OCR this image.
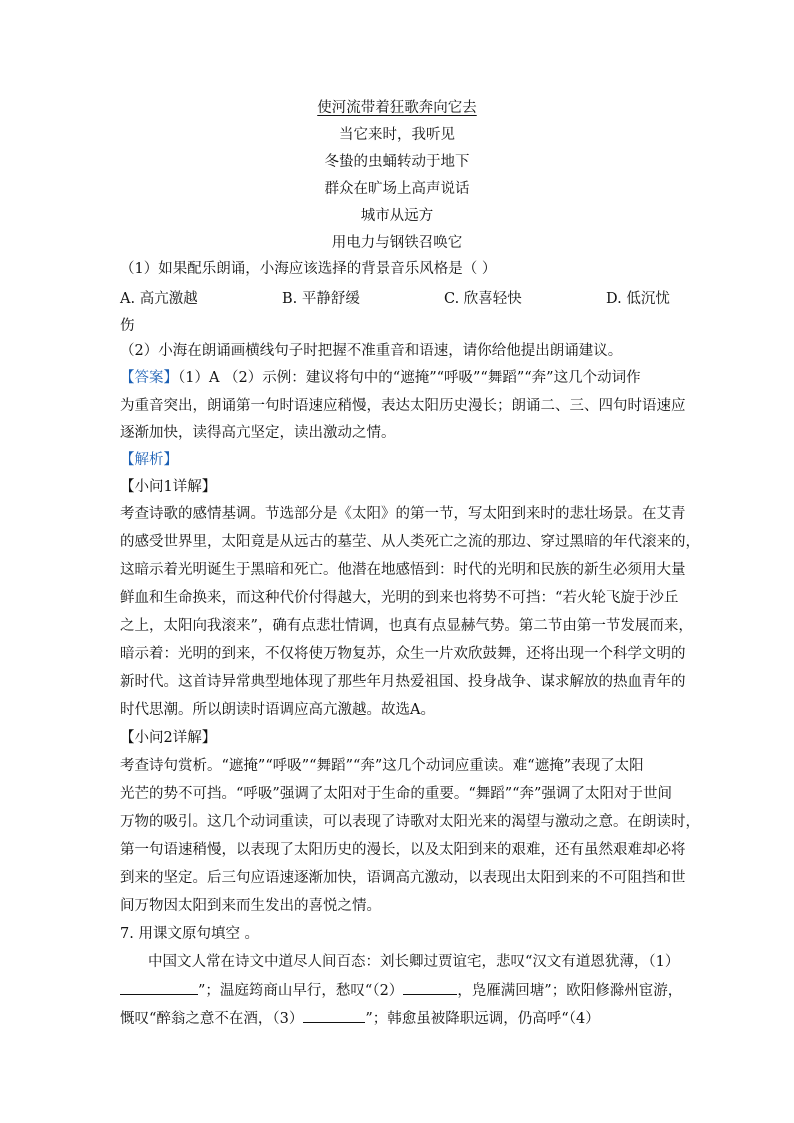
使河流带着狂歌奔向它去
当它来时，我听见
冬蛰的虫蛹转动于地下
群众在旷场上高声说话
城市从远方
用电力与钢铁召唤它
（1）如果配乐朗诵，小海应该选择的背景音乐风格是（ ）
A. 高亢激越	B. 平静舒缓	C. 欣喜轻快	D. 低沉忧
伤
（2）小海在朗诵画横线句子时把握不准重音和语速，请你给他提出朗诵建议。
【答案】（1）A （2）示例：建议将句中的“遮掩”“呼吸”“舞蹈”“奔”这几个动词作
为重音突出，朗诵第一句时语速应稍慢，表达太阳历史漫长；朗诵二、三、四句时语速应
逐渐加快，读得高亢坚定，读出激动之情。
【解析】
【小问1详解】
考查诗歌的感情基调。节选部分是《太阳》的第一节，写太阳到来时的悲壮场景。在艾青
的感受世界里，太阳竟是从远古的墓茔、从人类死亡之流的那边、穿过黑暗的年代滚来的，
这暗示着光明诞生于黑暗和死亡。他潜在地感悟到：时代的光明和民族的新生必须用大量
鲜血和生命换来，而这种代价付得越大，光明的到来也将势不可挡：“若火轮飞旋于沙丘
之上，太阳向我滚来”，确有点悲壮情调，也真有点显赫气势。第二节由第一节发展而来，
暗示着：光明的到来，不仅将使万物复苏，众生一片欢欣鼓舞，还将出现一个科学文明的
新时代。这首诗异常典型地体现了那些年月热爱祖国、投身战争、谋求解放的热血青年的
时代思潮。所以朗读时语调应高亢激越。故选A。
【小问2详解】
考查诗句赏析。“遮掩”“呼吸”“舞蹈”“奔”这几个动词应重读。难“遮掩”表现了太阳
光芒的势不可挡。“呼吸”强调了太阳对于生命的重要。“舞蹈”“奔”强调了太阳对于世间
万物的吸引。这几个动词重读，可以表现了诗歌对太阳光来的渴望与激动之意。在朗读时，
第一句语速稍慢，以表现了太阳历史的漫长，以及太阳到来的艰难，还有虽然艰难却必将
到来的坚定。后三句应语速逐渐加快，语调高亢激动，以表现出太阳到来的不可阻挡和世
间万物因太阳到来而生发出的喜悦之情。
7. 用课文原句填空 。
中国文人常在诗文中道尽人间百态：刘长卿过贾谊宅，悲叹“汉文有道恩犹薄，（1）
”；温庭筠商山早行，愁叹“（2）	，凫雁满回塘”；欧阳修滁州宦游，
慨叹“醉翁之意不在酒，（3）	”；韩愈虽被降职远调，仍高呼“（4）
